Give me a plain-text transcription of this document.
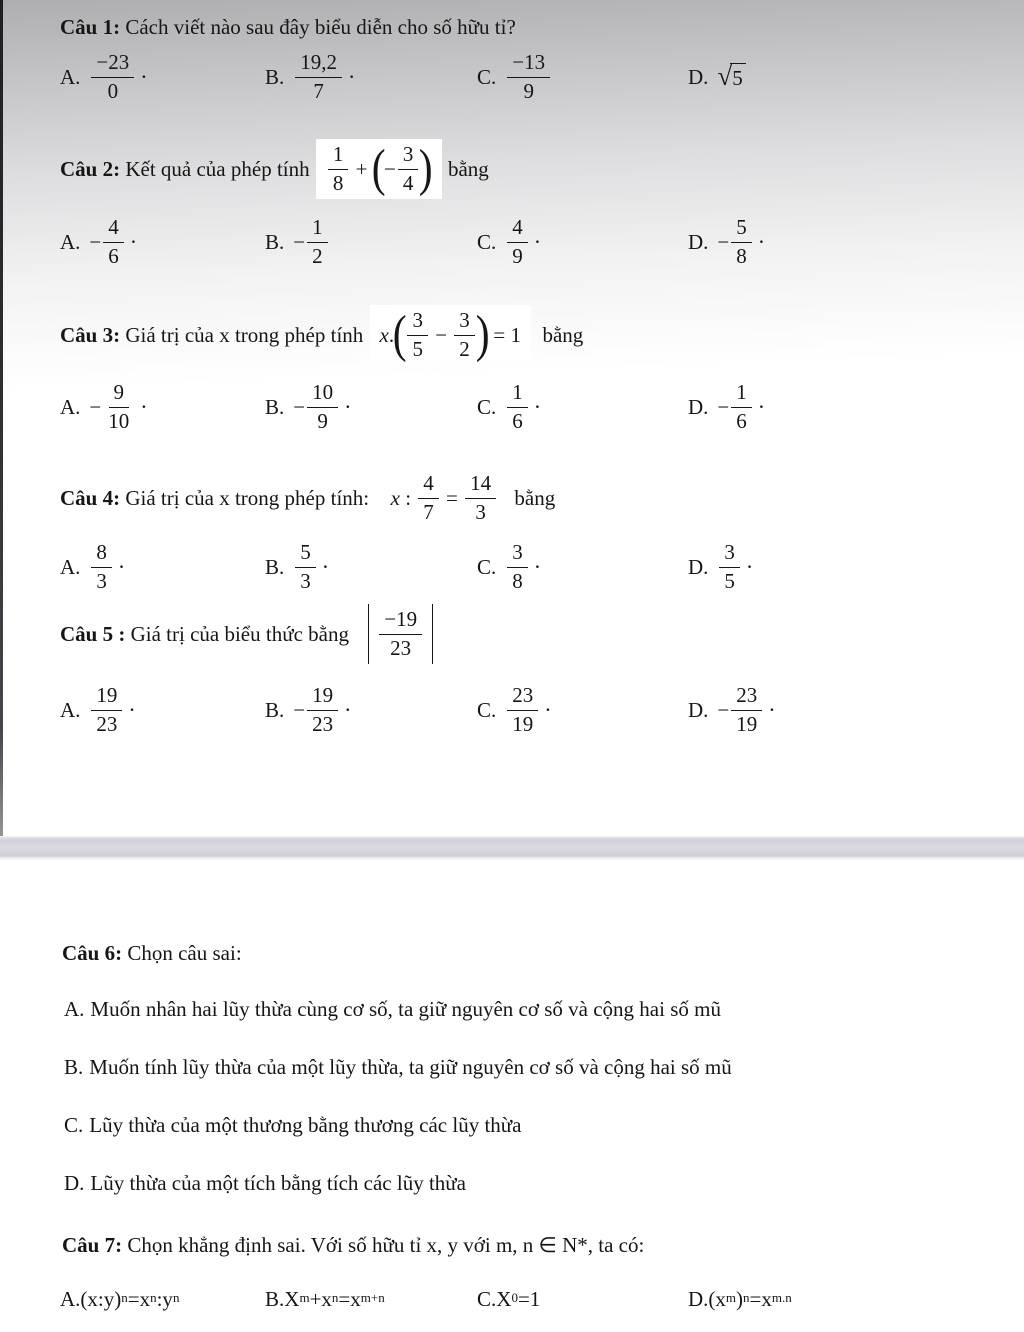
Câu 1: Cách viết nào sau đây biểu diễn cho số hữu tỉ?
A. $\frac{-23}{0}$ ·	B. $\frac{19,2}{7}$ ·	C. $\frac{-13}{9}$	D. √ 5
Câu 2: Kết quả của phép tính $\frac{1}{8}$ +
(
− $\frac{3}{4}$ ) bằng
A. − $\frac{4}{6}$ ·	B. − $\frac{1}{2}$	C. $\frac{4}{9}$ ·	D. − $\frac{5}{8}$ ·
Câu 3: Giá trị của x trong phép tính x .
( $\frac{3}{5} - \frac{3}{2}$ )
= 1 bằng
A. − $\frac{9}{10}$ ·	B. − $\frac{10}{9}$ ·	C. $\frac{1}{6}$ ·	D. − $\frac{1}{6}$ ·
Câu 4: Giá trị của x trong phép tính: x : $\frac{4}{7} = \frac{14}{3}$ bằng
A. $\frac{8}{3}$ ·	B. $\frac{5}{3}$ ·	C. $\frac{3}{8}$ ·	D. $\frac{3}{5}$ ·
Câu 5 : Giá trị của biểu thức bằng $\frac{-19}{23}$
A. $\frac{19}{23}$ ·	B. − $\frac{19}{23}$ ·	C. $\frac{23}{19}$ ·	D. − $\frac{23}{19}$ ·
Câu 6: Chọn câu sai:
A. Muốn nhân hai lũy thừa cùng cơ số, ta giữ nguyên cơ số và cộng hai số mũ
B. Muốn tính lũy thừa của một lũy thừa, ta giữ nguyên cơ số và cộng hai số mũ
C. Lũy thừa của một thương bằng thương các lũy thừa
D. Lũy thừa của một tích bằng tích các lũy thừa
Câu 7: Chọn khẳng định sai. Với số hữu tỉ x, y với m, n ∈ N*, ta có:
A. (x:y)$^n$ $=x^n$ $:y^n$	B. $X^m +x^n =x^{m+n}$	C. $X^0 =1$	D. ($x^m$ )$^n =x^{m.n}$
